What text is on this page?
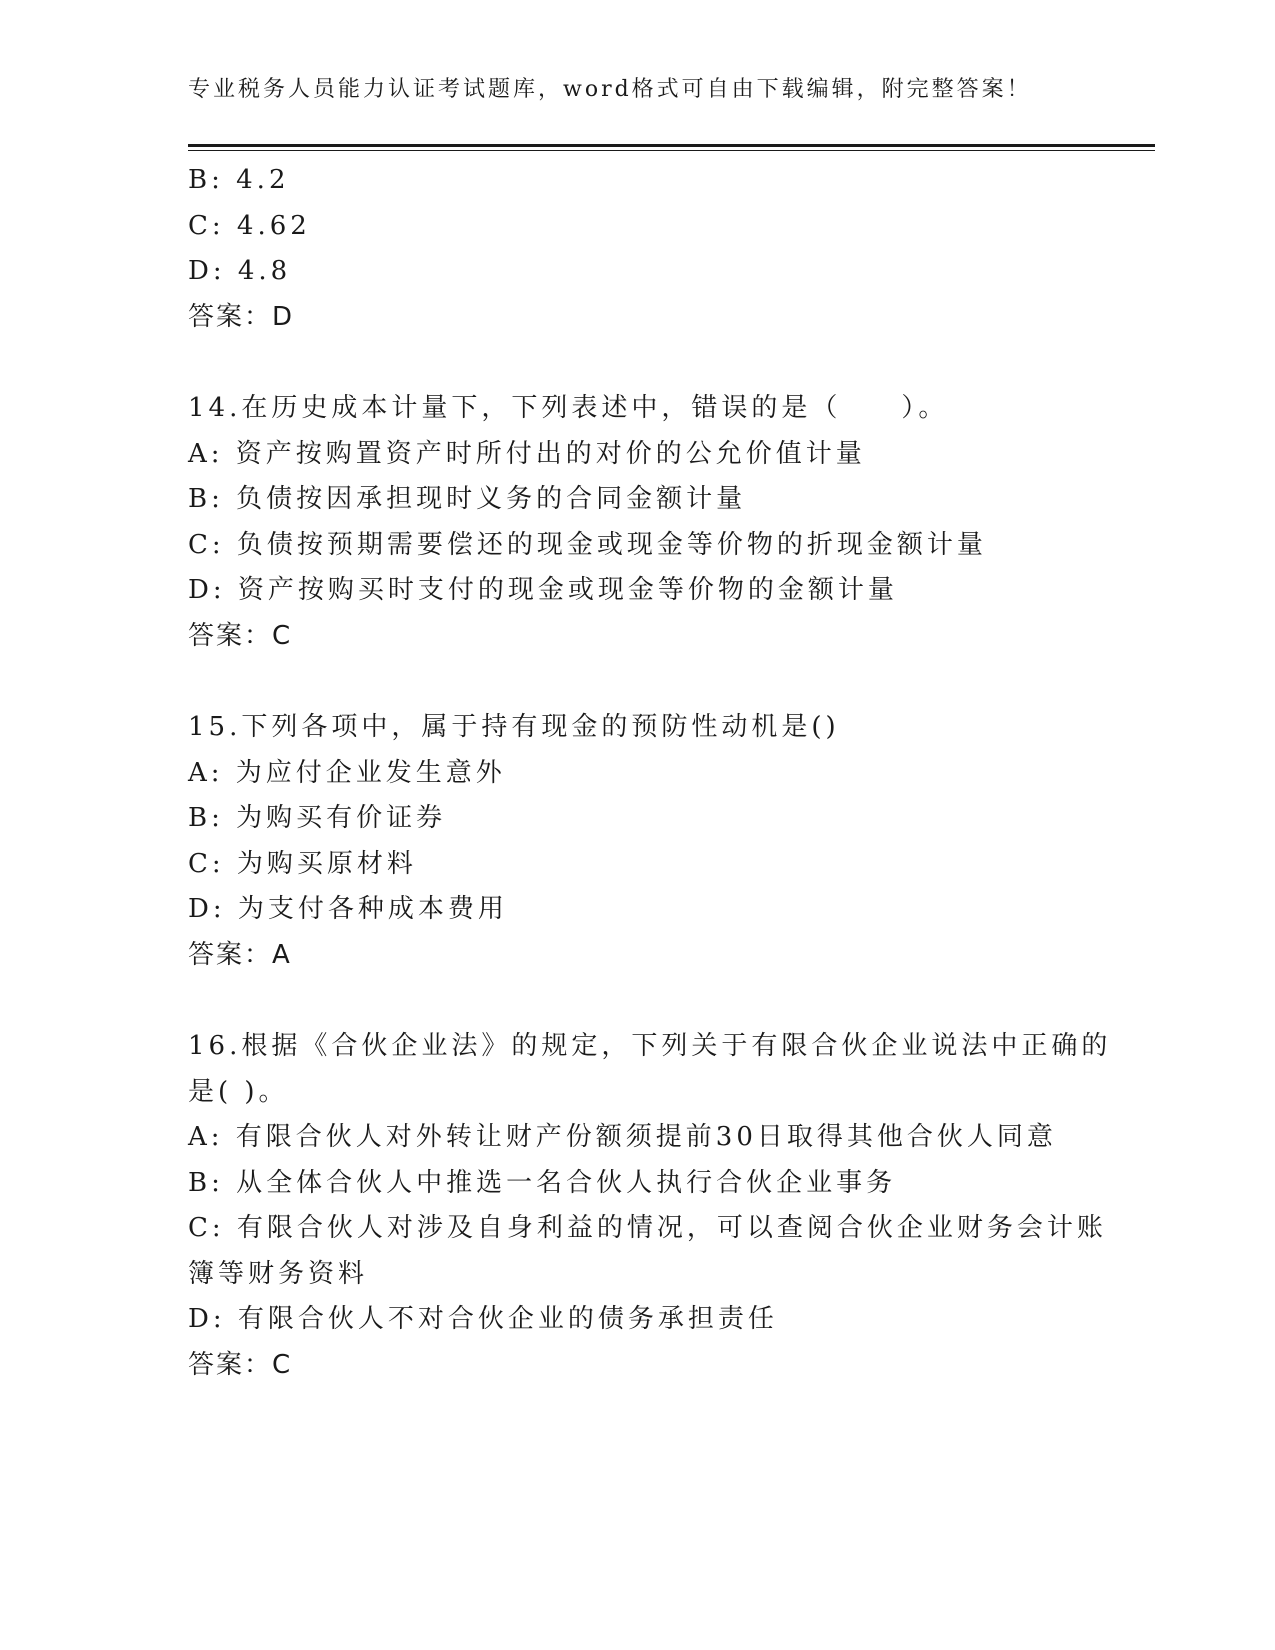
专业税务人员能力认证考试题库，word格式可自由下载编辑，附完整答案！
B: 4.2
C: 4.62
D: 4.8
答案：D
14.在历史成本计量下，下列表述中，错误的是（　　）。
A: 资产按购置资产时所付出的对价的公允价值计量
B: 负债按因承担现时义务的合同金额计量
C: 负债按预期需要偿还的现金或现金等价物的折现金额计量
D: 资产按购买时支付的现金或现金等价物的金额计量
答案：C
15.下列各项中，属于持有现金的预防性动机是()
A: 为应付企业发生意外
B: 为购买有价证券
C: 为购买原材料
D: 为支付各种成本费用
答案：A
16.根据《合伙企业法》的规定，下列关于有限合伙企业说法中正确的
是( )。
A: 有限合伙人对外转让财产份额须提前30日取得其他合伙人同意
B: 从全体合伙人中推选一名合伙人执行合伙企业事务
C: 有限合伙人对涉及自身利益的情况，可以查阅合伙企业财务会计账
簿等财务资料
D: 有限合伙人不对合伙企业的债务承担责任
答案：C
